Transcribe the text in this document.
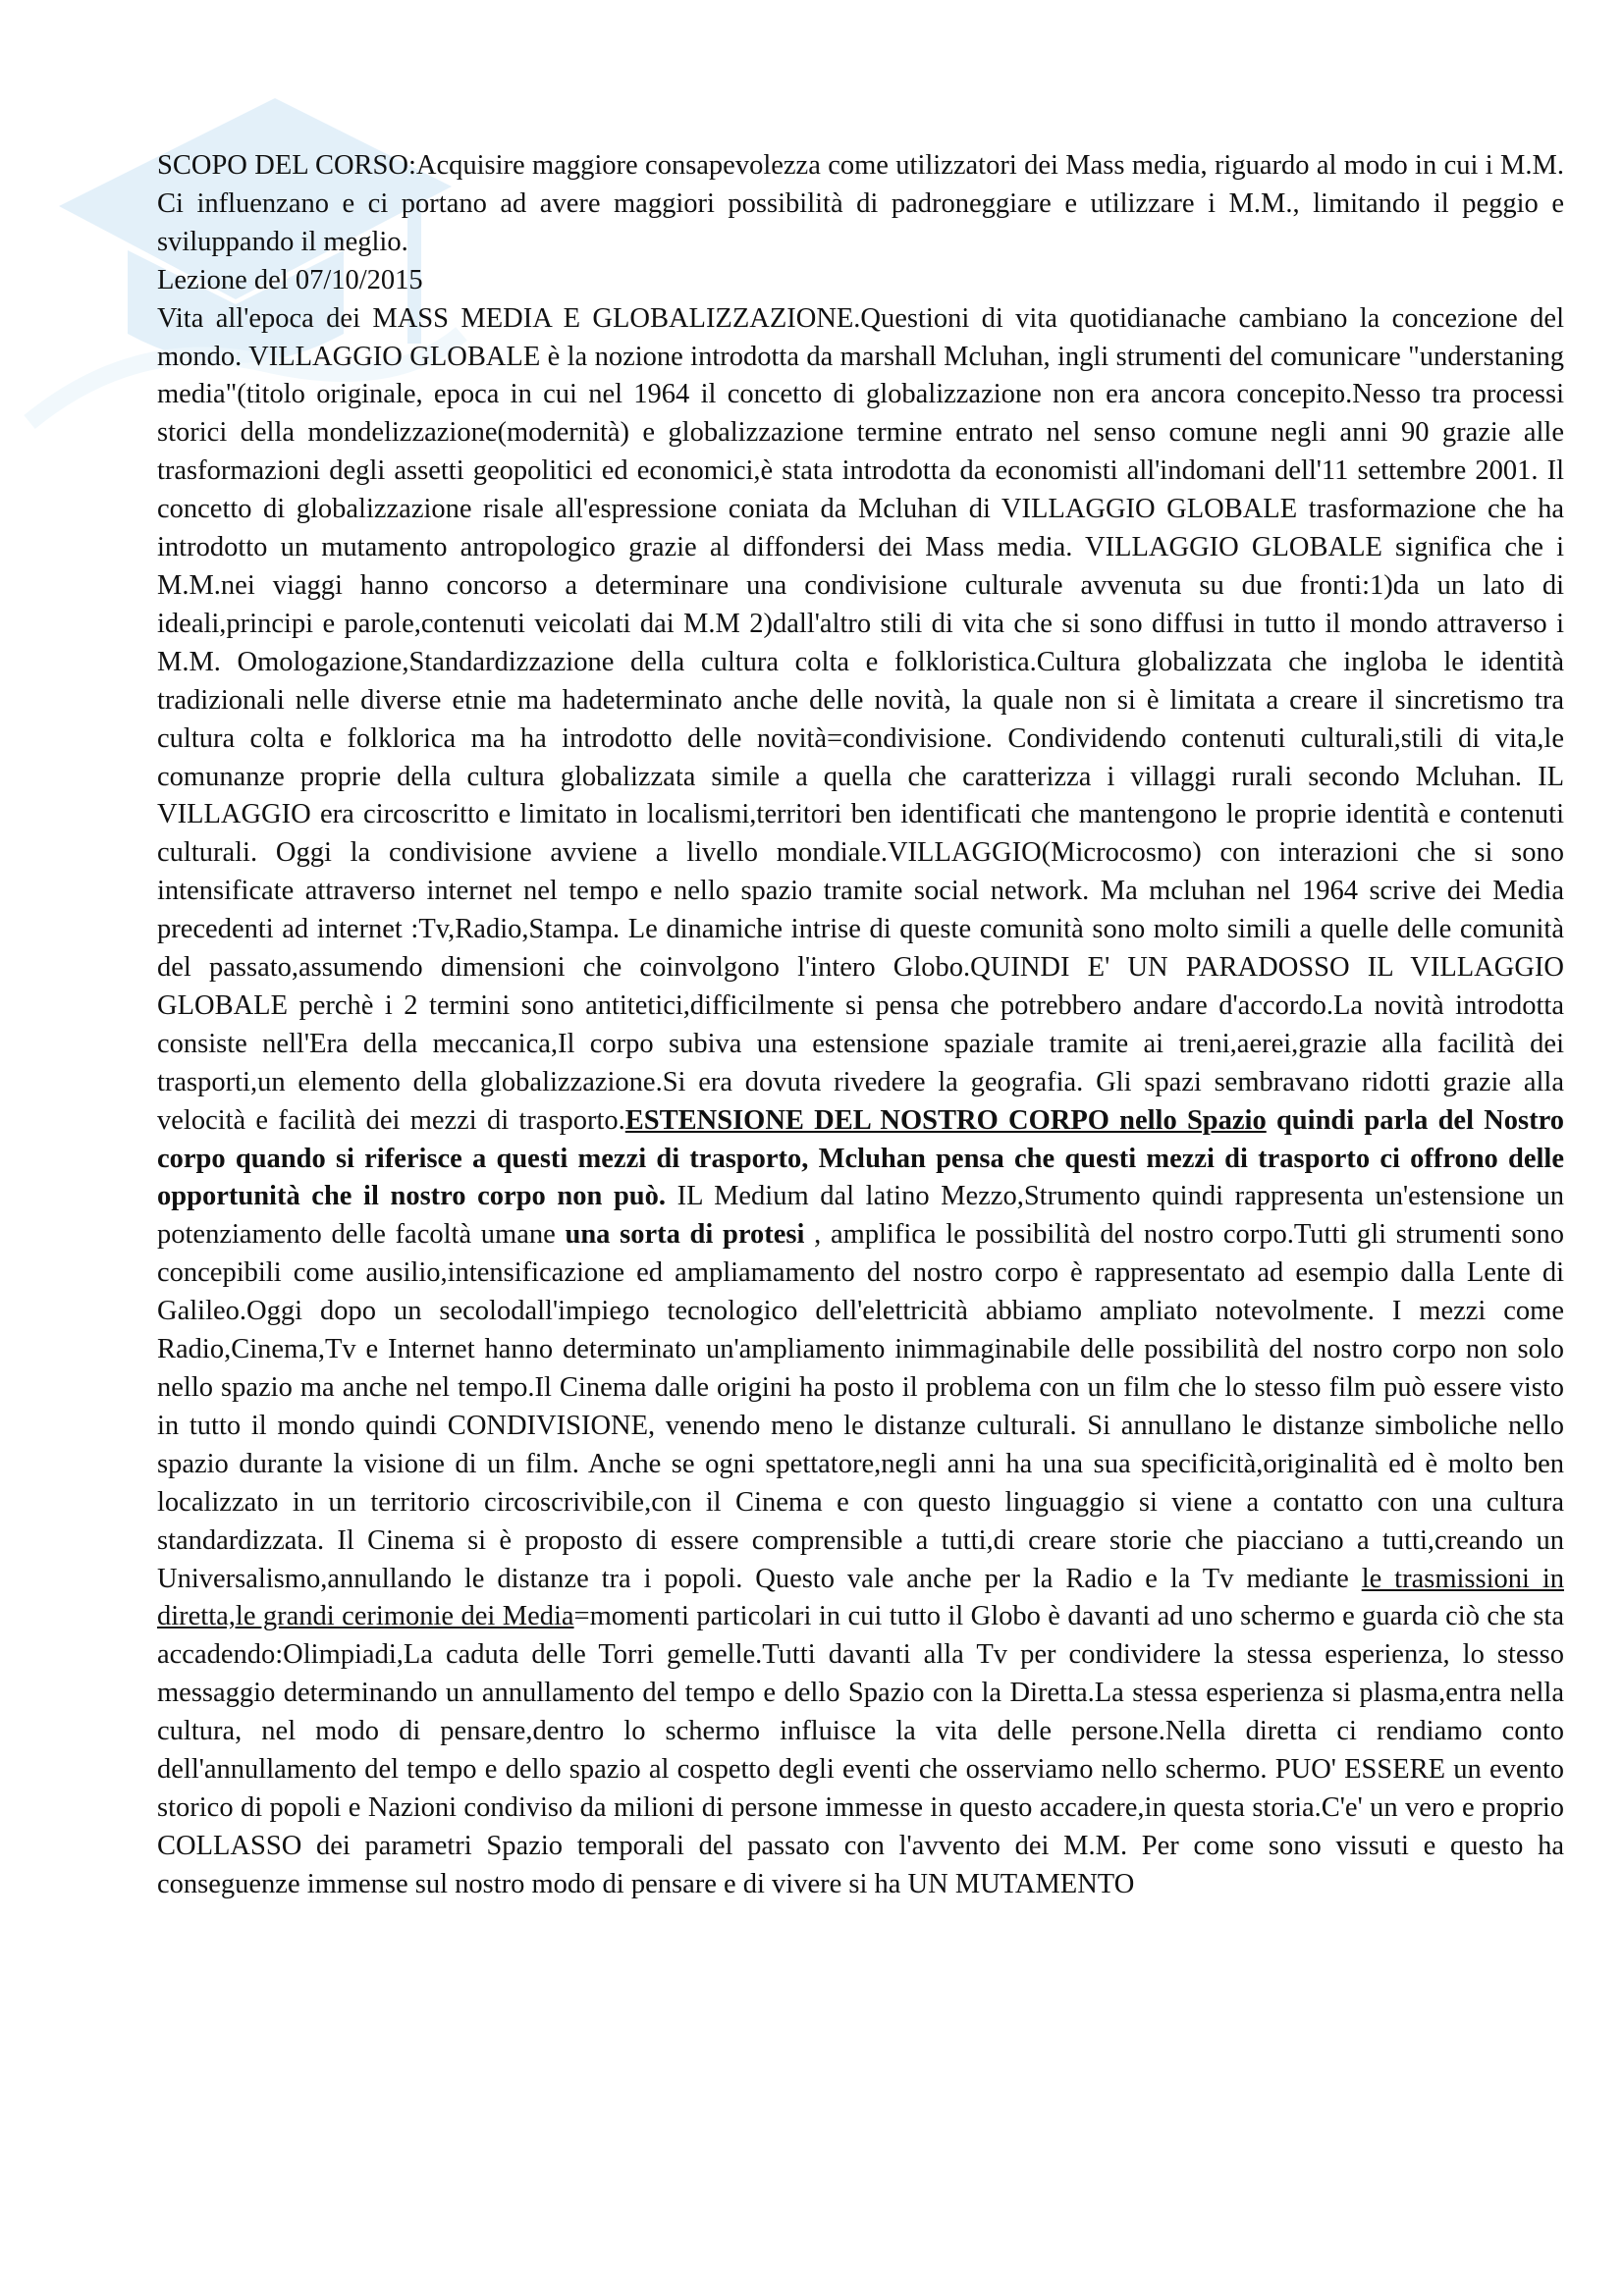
SCOPO DEL CORSO:Acquisire maggiore consapevolezza come utilizzatori dei Mass media, riguardo al modo in cui i M.M. Ci influenzano e ci portano ad avere maggiori possibilità di padroneggiare e utilizzare i M.M., limitando il peggio e sviluppando il meglio.

Lezione del 07/10/2015

Vita all'epoca dei MASS MEDIA E GLOBALIZZAZIONE.Questioni di vita quotidianache cambiano la concezione del mondo. VILLAGGIO GLOBALE è la nozione introdotta da marshall Mcluhan, ingli strumenti del comunicare "understaning media"(titolo originale, epoca in cui nel 1964 il concetto di globalizzazione non era ancora concepito.Nesso tra processi storici della mondelizzazione(modernità) e globalizzazione termine entrato nel senso comune negli anni 90 grazie alle trasformazioni degli assetti geopolitici ed economici,è stata introdotta da economisti all'indomani dell'11 settembre 2001. Il concetto di globalizzazione risale all'espressione coniata da Mcluhan di VILLAGGIO GLOBALE trasformazione che ha introdotto un mutamento antropologico grazie al diffondersi dei Mass media. VILLAGGIO GLOBALE significa che i M.M.nei viaggi hanno concorso a determinare una condivisione culturale avvenuta su due fronti:1)da un lato di ideali,principi e parole,contenuti veicolati dai M.M 2)dall'altro stili di vita che si sono diffusi in tutto il mondo attraverso i M.M. Omologazione,Standardizzazione della cultura colta e folkloristica.Cultura globalizzata che ingloba le identità tradizionali nelle diverse etnie ma hadeterminato anche delle novità, la quale non si è limitata a creare il sincretismo tra cultura colta e folklorica ma ha introdotto delle novità=condivisione. Condividendo contenuti culturali,stili di vita,le comunanze proprie della cultura globalizzata simile a quella che caratterizza i villaggi rurali secondo Mcluhan. IL VILLAGGIO era circoscritto e limitato in localismi,territori ben identificati che mantengono le proprie identità e contenuti culturali. Oggi la condivisione avviene a livello mondiale.VILLAGGIO(Microcosmo) con interazioni che si sono intensificate attraverso internet nel tempo e nello spazio tramite social network. Ma mcluhan nel 1964 scrive dei Media precedenti ad internet :Tv,Radio,Stampa. Le dinamiche intrise di queste comunità sono molto simili a quelle delle comunità del passato,assumendo dimensioni che coinvolgono l'intero Globo.QUINDI E' UN PARADOSSO IL VILLAGGIO GLOBALE perchè i 2 termini sono antitetici,difficilmente si pensa che potrebbero andare d'accordo.La novità introdotta consiste nell'Era della meccanica,Il corpo subiva una estensione spaziale tramite ai treni,aerei,grazie alla facilità dei trasporti,un elemento della globalizzazione.Si era dovuta rivedere la geografia. Gli spazi sembravano ridotti grazie alla velocità e facilità dei mezzi di trasporto.ESTENSIONE DEL NOSTRO CORPO nello Spazio quindi parla del Nostro corpo quando si riferisce a questi mezzi di trasporto, Mcluhan pensa che questi mezzi di trasporto ci offrono delle opportunità che il nostro corpo non può. IL Medium dal latino Mezzo,Strumento quindi rappresenta un'estensione un potenziamento delle facoltà umane una sorta di protesi , amplifica le possibilità del nostro corpo.Tutti gli strumenti sono concepibili come ausilio,intensificazione ed ampliamamento del nostro corpo è rappresentato ad esempio dalla Lente di Galileo.Oggi dopo un secolodall'impiego tecnologico dell'elettricità abbiamo ampliato notevolmente. I mezzi come Radio,Cinema,Tv e Internet hanno determinato un'ampliamento inimmaginabile delle possibilità del nostro corpo non solo nello spazio ma anche nel tempo.Il Cinema dalle origini ha posto il problema con un film che lo stesso film può essere visto in tutto il mondo quindi CONDIVISIONE, venendo meno le distanze culturali. Si annullano le distanze simboliche nello spazio durante la visione di un film. Anche se ogni spettatore,negli anni ha una sua specificità,originalità ed è molto ben localizzato in un territorio circoscrivibile,con il Cinema e con questo linguaggio si viene a contatto con una cultura standardizzata. Il Cinema si è proposto di essere comprensible a tutti,di creare storie che piacciano a tutti,creando un Universalismo,annullando le distanze tra i popoli. Questo vale anche per la Radio e la Tv mediante le trasmissioni in diretta,le grandi cerimonie dei Media=momenti particolari in cui tutto il Globo è davanti ad uno schermo e guarda ciò che sta accadendo:Olimpiadi,La caduta delle Torri gemelle.Tutti davanti alla Tv per condividere la stessa esperienza, lo stesso messaggio determinando un annullamento del tempo e dello Spazio con la Diretta.La stessa esperienza si plasma,entra nella cultura, nel modo di pensare,dentro lo schermo influisce la vita delle persone.Nella diretta ci rendiamo conto dell'annullamento del tempo e dello spazio al cospetto degli eventi che osserviamo nello schermo. PUO' ESSERE un evento storico di popoli e Nazioni condiviso da milioni di persone immesse in questo accadere,in questa storia.C'e' un vero e proprio COLLASSO dei parametri Spazio temporali del passato con l'avvento dei M.M. Per come sono vissuti e questo ha conseguenze immense sul nostro modo di pensare e di vivere si ha UN MUTAMENTO
